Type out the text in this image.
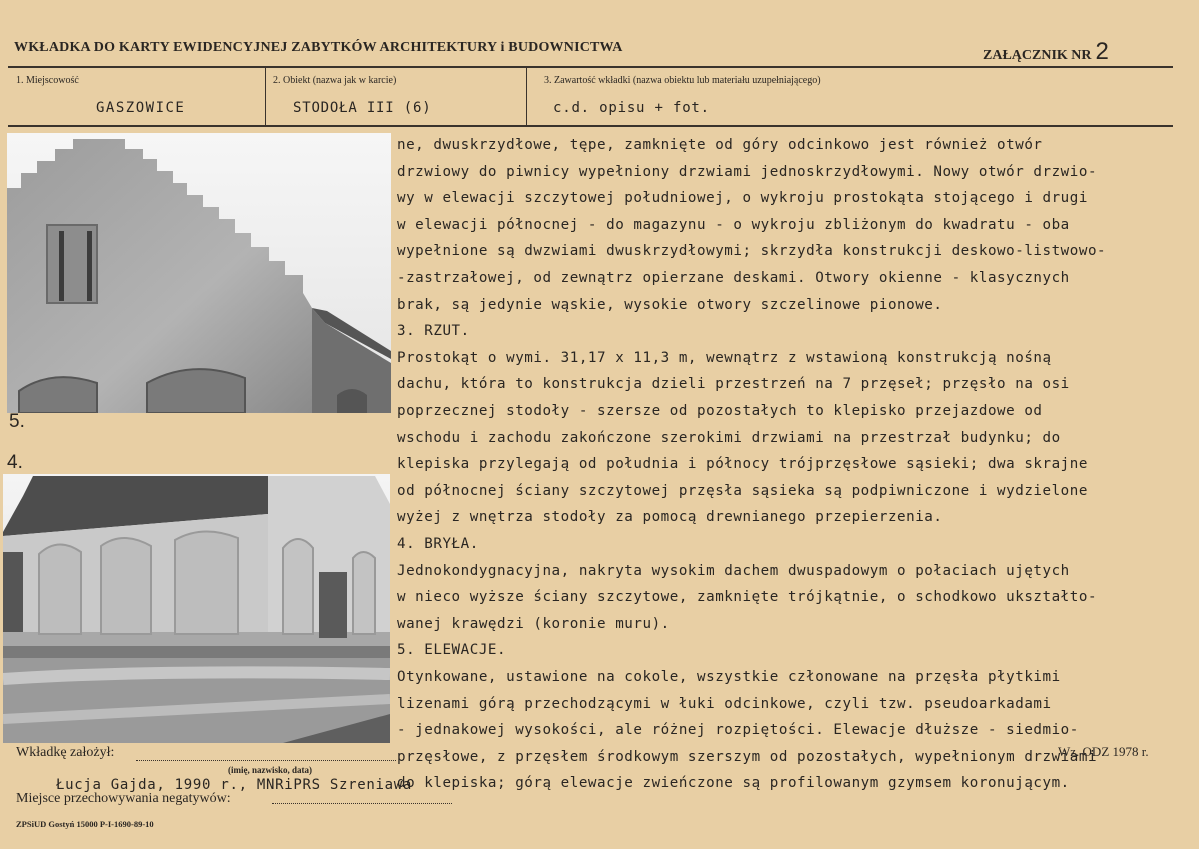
WKŁADKA DO KARTY EWIDENCYJNEJ ZABYTKÓW ARCHITEKTURY i BUDOWNICTWA
ZAŁĄCZNIK NR 2
1. Miejscowość
GASZOWICE
2. Obiekt (nazwa jak w karcie)
STODOŁA III (6)
3. Zawartość wkładki (nazwa obiektu lub materiału uzupełniającego)
c.d. opisu + fot.
5.
4.
ne, dwuskrzydłowe, tępe, zamknięte od góry odcinkowo jest również otwór
drzwiowy do piwnicy wypełniony drzwiami jednoskrzydłowymi. Nowy otwór drzwio-
wy w elewacji szczytowej południowej, o wykroju prostokąta stojącego i drugi
w elewacji północnej - do magazynu - o wykroju zbliżonym do kwadratu - oba
wypełnione są dwzwiami dwuskrzydłowymi; skrzydła konstrukcji deskowo-listwowo-
-zastrzałowej, od zewnątrz opierzane deskami. Otwory okienne - klasycznych
brak, są jedynie wąskie, wysokie otwory szczelinowe pionowe.
3. RZUT.
Prostokąt o wymi. 31,17 x 11,3 m, wewnątrz z wstawioną konstrukcją nośną
dachu, która to konstrukcja dzieli przestrzeń na 7 przęseł; przęsło na osi
poprzecznej stodoły - szersze od pozostałych to klepisko przejazdowe od
wschodu i zachodu zakończone szerokimi drzwiami na przestrzał budynku; do
klepiska przylegają od południa i północy trójprzęsłowe sąsieki; dwa skrajne
od północnej ściany szczytowej przęsła sąsieka są podpiwniczone i wydzielone
wyżej z wnętrza stodoły za pomocą drewnianego przepierzenia.
4. BRYŁA.
Jednokondygnacyjna, nakryta wysokim dachem dwuspadowym o połaciach ujętych
w nieco wyższe ściany szczytowe, zamknięte trójkątnie, o schodkowo ukształto-
wanej krawędzi (koronie muru).
5. ELEWACJE.
Otynkowane, ustawione na cokole, wszystkie członowane na przęsła płytkimi
lizenami górą przechodzącymi w łuki odcinkowe, czyli tzw. pseudoarkadami
- jednakowej wysokości, ale różnej rozpiętości. Elewacje dłuższe - siedmio-
przęsłowe, z przęsłem środkowym szerszym od pozostałych, wypełnionym drzwiami
do klepiska; górą elewacje zwieńczone są profilowanym gzymsem koronującym.
Wkładkę założył:
(imię, nazwisko, data)
Łucja Gajda, 1990 r., MNRiPRS Szreniawa
Miejsce przechowywania negatywów:
ZPSiUD Gostyń 15000 P-I-1690-89-10
Wz. ODZ 1978 r.
